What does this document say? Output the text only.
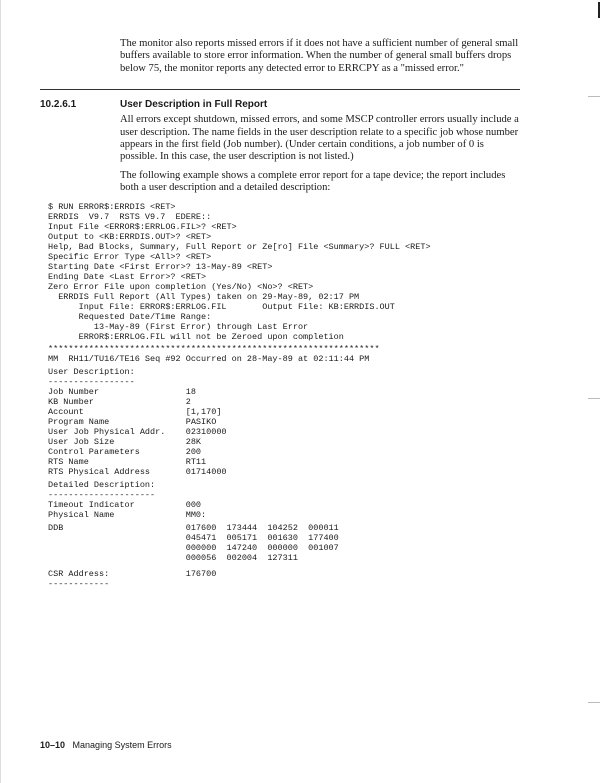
The monitor also reports missed errors if it does not have a sufficient number of general small buffers available to store error information. When the number of general small buffers drops below 75, the monitor reports any detected error to ERRCPY as a "missed error."

10.2.6.1	User Description in Full Report

All errors except shutdown, missed errors, and some MSCP controller errors usually include a user description. The name fields in the user description relate to a specific job whose number appears in the first field (Job number). (Under certain conditions, a job number of 0 is possible. In this case, the user description is not listed.)

The following example shows a complete error report for a tape device; the report includes both a user description and a detailed description:

$ RUN ERROR$:ERRDIS <RET>
ERRDIS  V9.7  RSTS V9.7  EDERE::
Input File <ERROR$:ERRLOG.FIL>? <RET>
Output to <KB:ERRDIS.OUT>? <RET>
Help, Bad Blocks, Summary, Full Report or Ze[ro] File <Summary>? FULL <RET>
Specific Error Type <All>? <RET>
Starting Date <First Error>? 13-May-89 <RET>
Ending Date <Last Error>? <RET>
Zero Error File upon completion (Yes/No) <No>? <RET>
ERRDIS Full Report (All Types) taken on 29-May-89, 02:17 PM
Input File: ERROR$:ERRLOG.FIL       Output File: KB:ERRDIS.OUT
Requested Date/Time Range:
13-May-89 (First Error) through Last Error
ERROR$:ERRLOG.FIL will not be Zeroed upon completion
*****************************************************************
MM  RH11/TU16/TE16 Seq #92 Occurred on 28-May-89 at 02:11:44 PM
User Description:
-----------------
Job Number                 18
KB Number                  2
Account                    [1,170]
Program Name               PASIKO
User Job Physical Addr.    02310000
User Job Size              28K
Control Parameters         200
RTS Name                   RT11
RTS Physical Address       01714000
Detailed Description:
---------------------
Timeout Indicator          000
Physical Name              MM0:
DDB                        017600  173444  104252  000011
045471  005171  001630  177400
000000  147240  000000  001007
000056  002004  127311
CSR Address:               176700
------------
10–10 Managing System Errors
